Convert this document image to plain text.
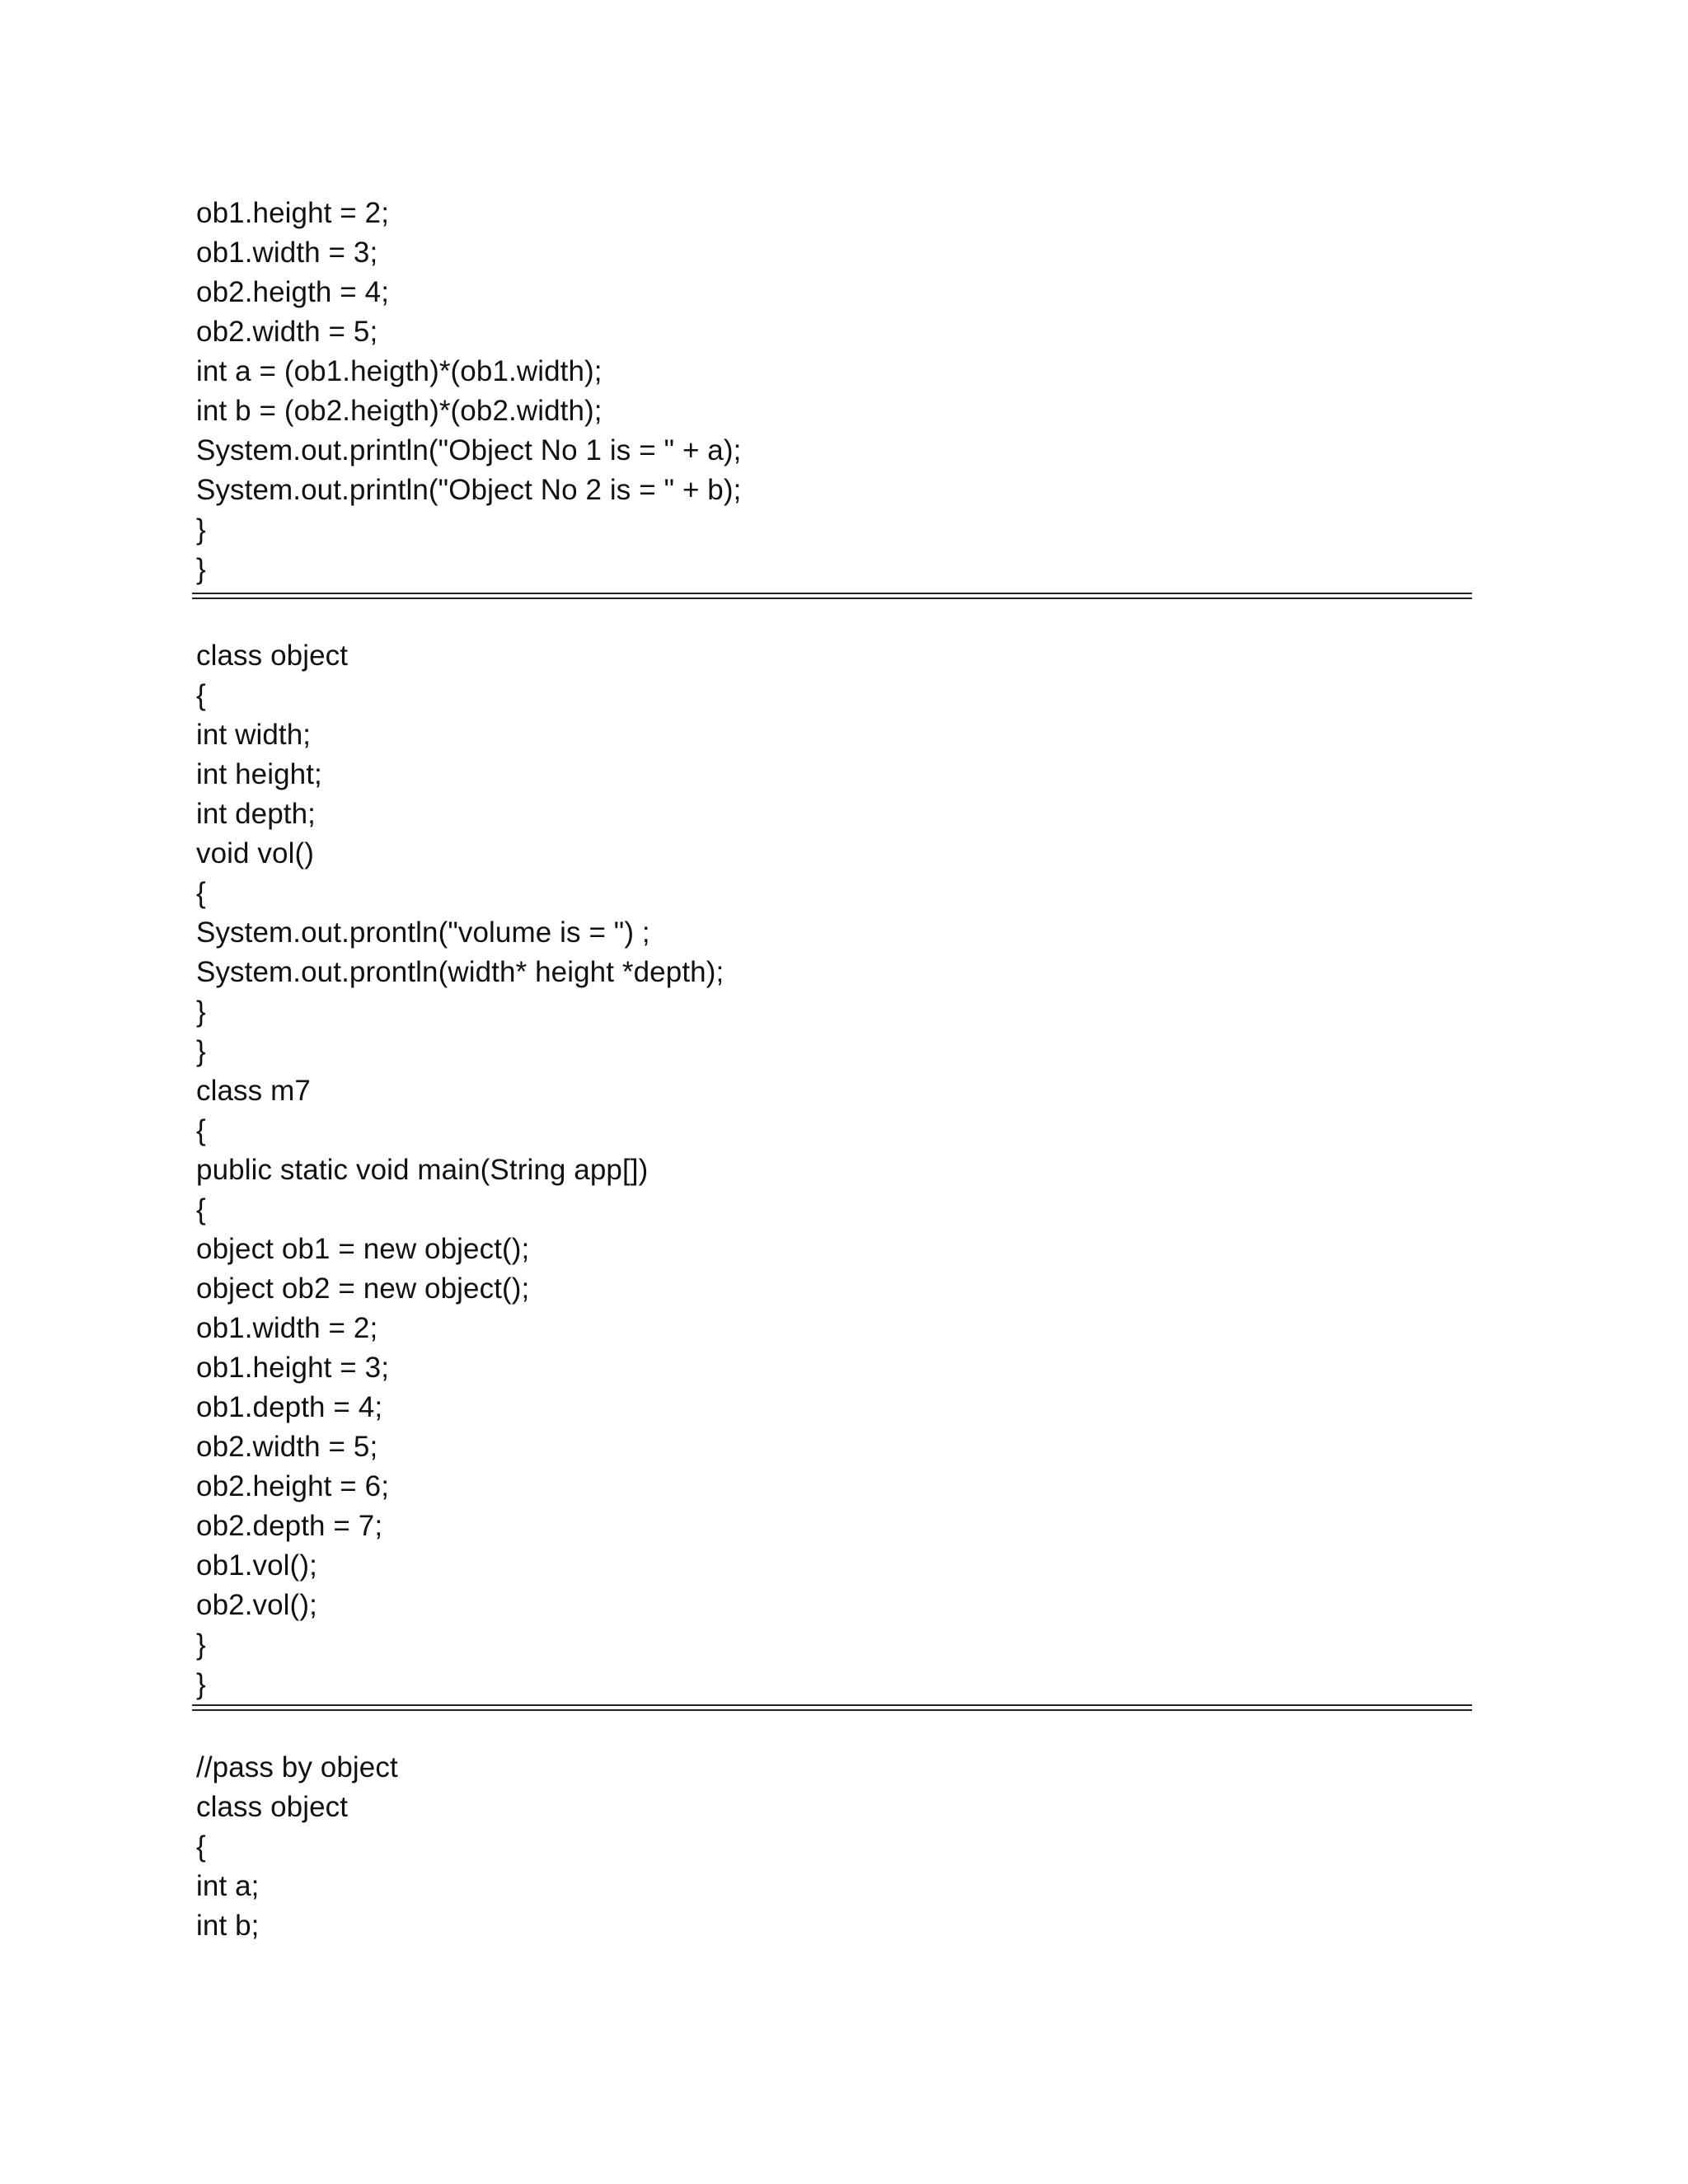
ob1.height = 2;
ob1.width = 3;
ob2.heigth = 4;
ob2.width = 5;
int a = (ob1.heigth)*(ob1.width);
int b = (ob2.heigth)*(ob2.width);
System.out.println("Object No 1 is = " + a);
System.out.println("Object No 2 is = " + b);
}
}
class object
{
int width;
int height;
int depth;
void vol()
{
System.out.prontln("volume is = ") ;
System.out.prontln(width* height *depth);
}
}
class m7
{
public static void main(String app[])
{
object ob1 = new object();
object ob2 = new object();
ob1.width = 2;
ob1.height = 3;
ob1.depth = 4;
ob2.width = 5;
ob2.height = 6;
ob2.depth = 7;
ob1.vol();
ob2.vol();
}
}
//pass by object
class object
{
int a;
int b;
